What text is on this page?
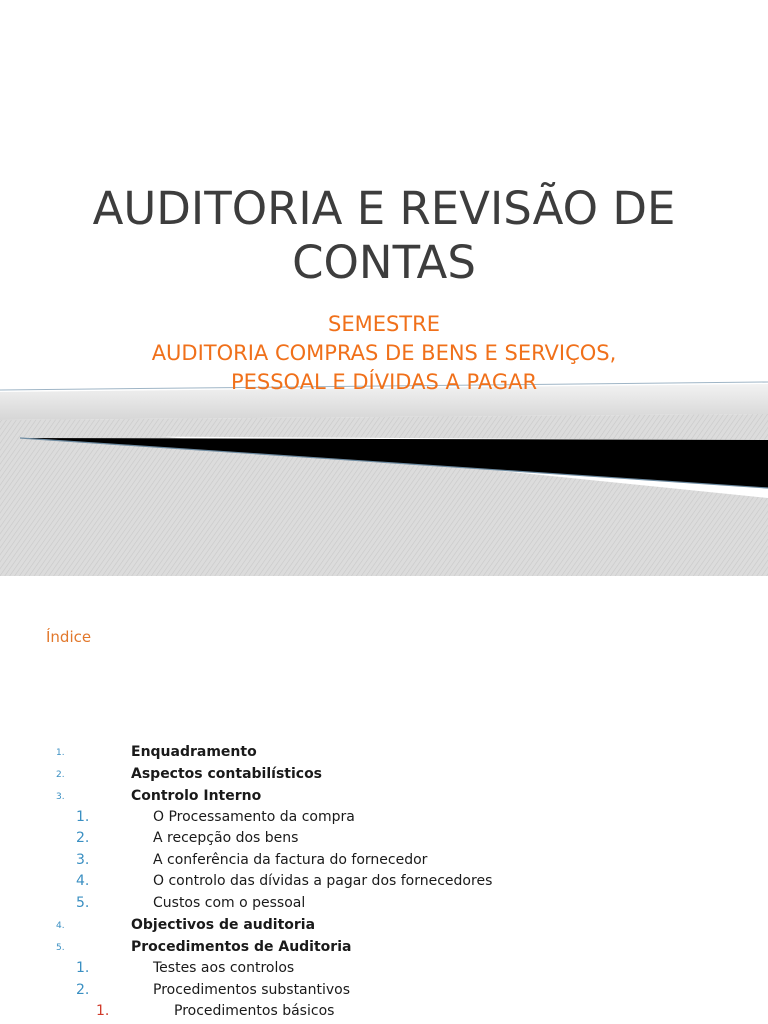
AUDITORIA E REVISÃO DE
CONTAS
SEMESTRE
AUDITORIA COMPRAS DE BENS E SERVIÇOS,
PESSOAL E DÍVIDAS A PAGAR
Índice
1.	Enquadramento
2.	Aspectos contabilísticos
3.	Controlo Interno
1.	O Processamento da compra
2.	A recepção dos bens
3.	A conferência da factura do fornecedor
4.	O controlo das dívidas a pagar dos fornecedores
5.	Custos com o pessoal
4.	Objectivos de auditoria
5.	Procedimentos de Auditoria
1.	Testes aos controlos
2.	Procedimentos substantivos
1.	Procedimentos básicos
